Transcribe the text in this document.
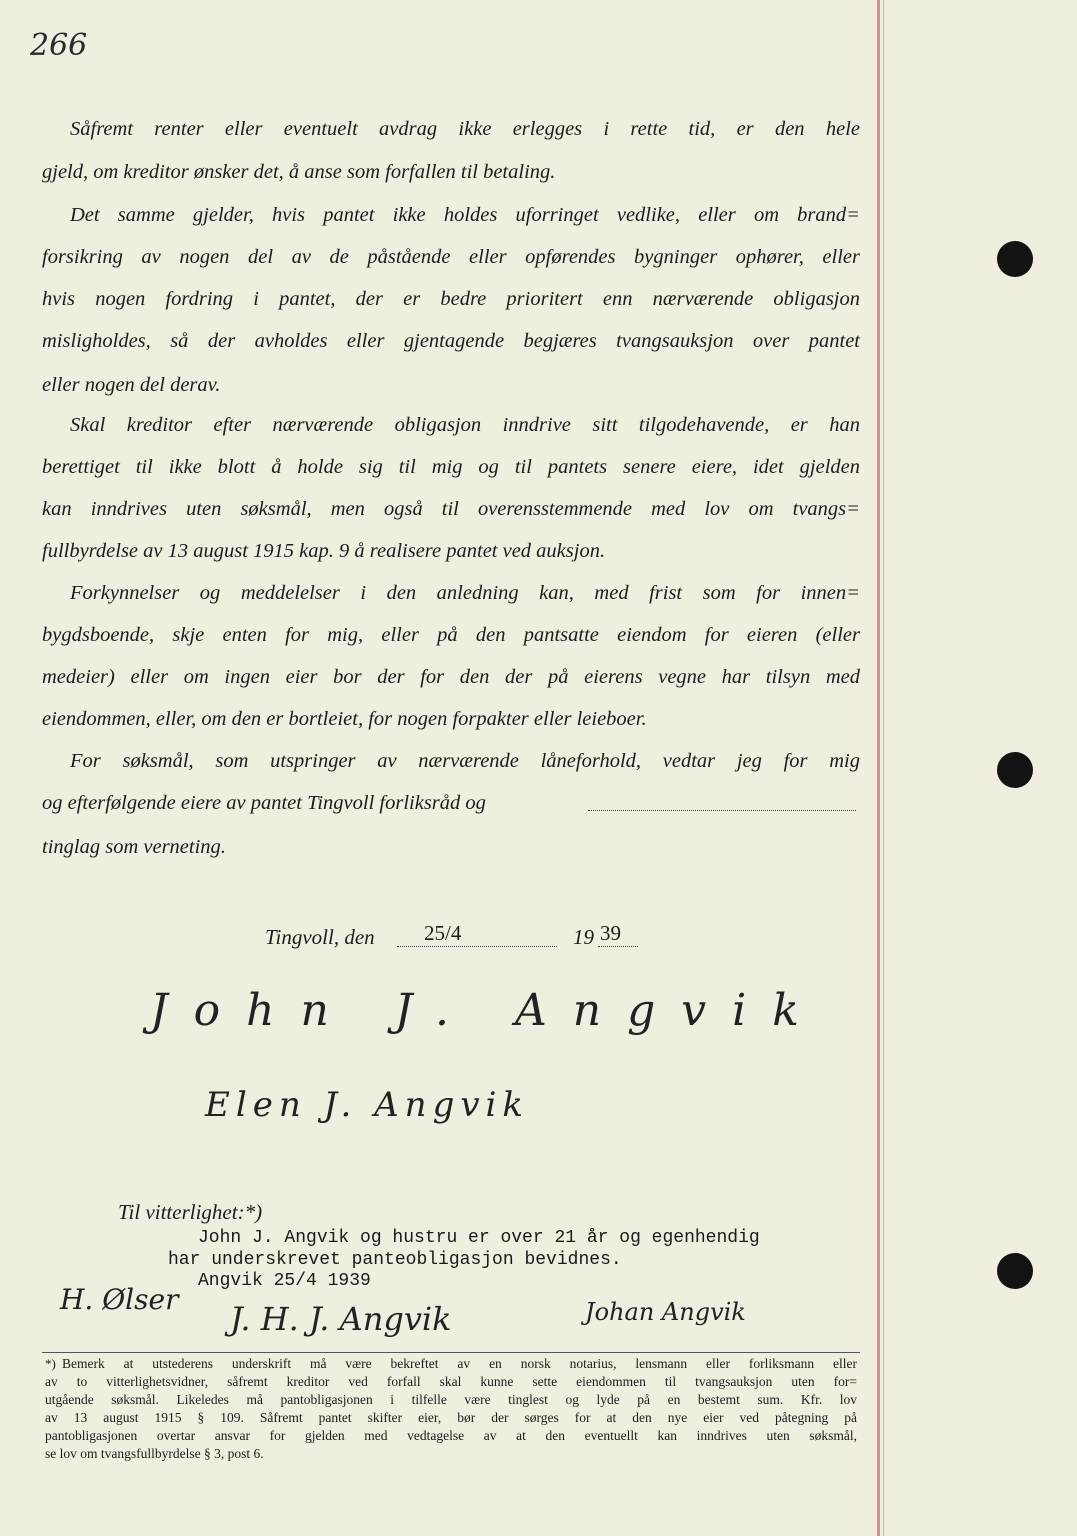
266
Såfremt renter eller eventuelt avdrag ikke erlegges i rette tid, er den hele
gjeld, om kreditor ønsker det, å anse som forfallen til betaling.
Det samme gjelder, hvis pantet ikke holdes uforringet vedlike, eller om brand=
forsikring av nogen del av de påstående eller opførendes bygninger ophører, eller
hvis nogen fordring i pantet, der er bedre prioritert enn nærværende obligasjon
misligholdes, så der avholdes eller gjentagende begjæres tvangsauksjon over pantet
eller nogen del derav.
Skal kreditor efter nærværende obligasjon inndrive sitt tilgodehavende, er han
berettiget til ikke blott å holde sig til mig og til pantets senere eiere, idet gjelden
kan inndrives uten søksmål, men også til overensstemmende med lov om tvangs=
fullbyrdelse av 13 august 1915 kap. 9 å realisere pantet ved auksjon.
Forkynnelser og meddelelser i den anledning kan, med frist som for innen=
bygdsboende, skje enten for mig, eller på den pantsatte eiendom for eieren (eller
medeier) eller om ingen eier bor der for den der på eierens vegne har tilsyn med
eiendommen, eller, om den er bortleiet, for nogen forpakter eller leieboer.
For søksmål, som utspringer av nærværende låneforhold, vedtar jeg for mig
og efterfølgende eiere av pantet Tingvoll forliksråd og
tinglag som verneting.
Tingvoll, den 25/4	19 39
John J. Angvik
Elen J. Angvik
Til vitterlighet:*)
John J. Angvik og hustru er over 21 år og egenhendig
har underskrevet panteobligasjon bevidnes.
Angvik 25/4 1939
H. Ølser
J. H. J. Angvik	Johan Angvik
*) Bemerk at utstederens underskrift må være bekreftet av en norsk notarius, lensmann eller forliksmann eller
av to vitterlighetsvidner, såfremt kreditor ved forfall skal kunne sette eiendommen til tvangsauksjon uten for=
utgående søksmål. Likeledes må pantobligasjonen i tilfelle være tinglest og lyde på en bestemt sum. Kfr. lov
av 13 august 1915 § 109. Såfremt pantet skifter eier, bør der sørges for at den nye eier ved påtegning på
pantobligasjonen overtar ansvar for gjelden med vedtagelse av at den eventuellt kan inndrives uten søksmål,
se lov om tvangsfullbyrdelse § 3, post 6.
